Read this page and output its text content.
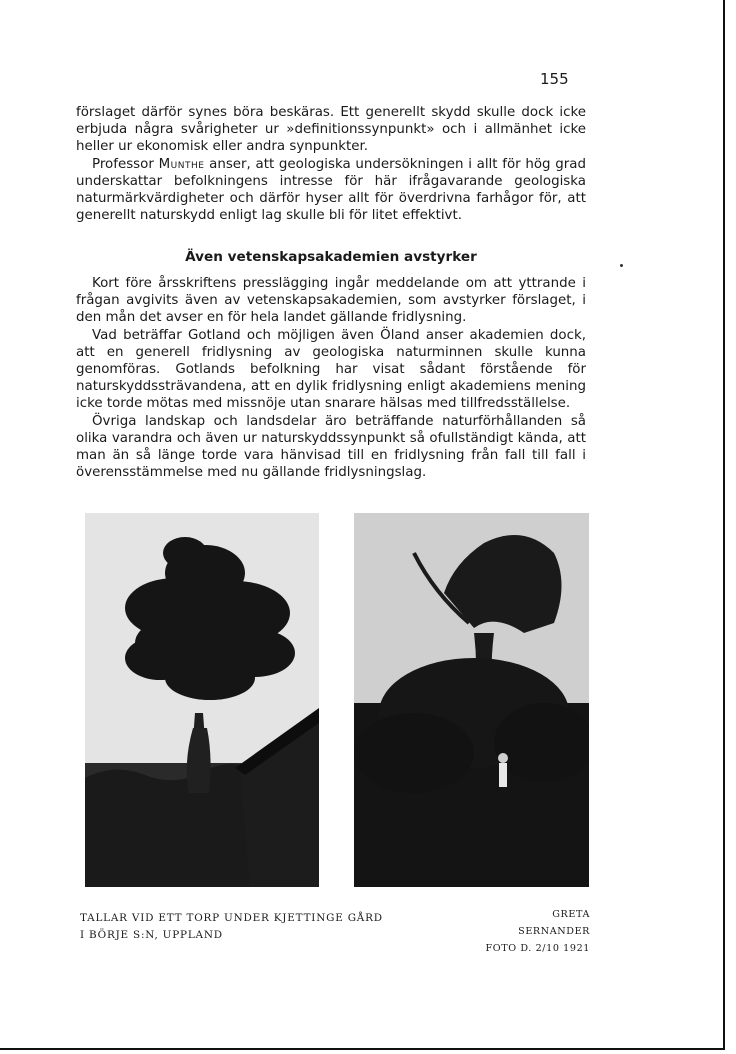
155

förslaget därför synes böra beskäras. Ett generellt skydd skulle dock icke erbjuda några svårigheter ur »definitionssynpunkt» och i allmänhet icke heller ur ekonomisk eller andra synpunkter.

Professor Munthe anser, att geologiska undersökningen i allt för hög grad underskattar befolkningens intresse för här ifrågavarande geologiska naturmärkvärdigheter och därför hyser allt för överdrivna farhågor för, att generellt naturskydd enligt lag skulle bli för litet effektivt.

Även vetenskapsakademien avstyrker

Kort före årsskriftens presslägging ingår meddelande om att yttrande i frågan avgivits även av vetenskapsakademien, som avstyrker förslaget, i den mån det avser en för hela landet gällande fridlysning.

Vad beträffar Gotland och möjligen även Öland anser akademien dock, att en generell fridlysning av geologiska naturminnen skulle kunna genomföras. Gotlands befolkning har visat sådant förstående för naturskyddssträvandena, att en dylik fridlysning enligt akademiens mening icke torde mötas med missnöje utan snarare hälsas med tillfredsställelse.

Övriga landskap och landsdelar äro beträffande naturförhållanden så olika varandra och även ur naturskyddssynpunkt så ofullständigt kända, att man än så länge torde vara hänvisad till en fridlysning från fall till fall i överensstämmelse med nu gällande fridlysningslag.

TALLAR VID ETT TORP UNDER KJETTINGE GÅRD
I BÖRJE S:N, UPPLAND
GRETA SERNANDER
FOTO D. 2/10 1921
